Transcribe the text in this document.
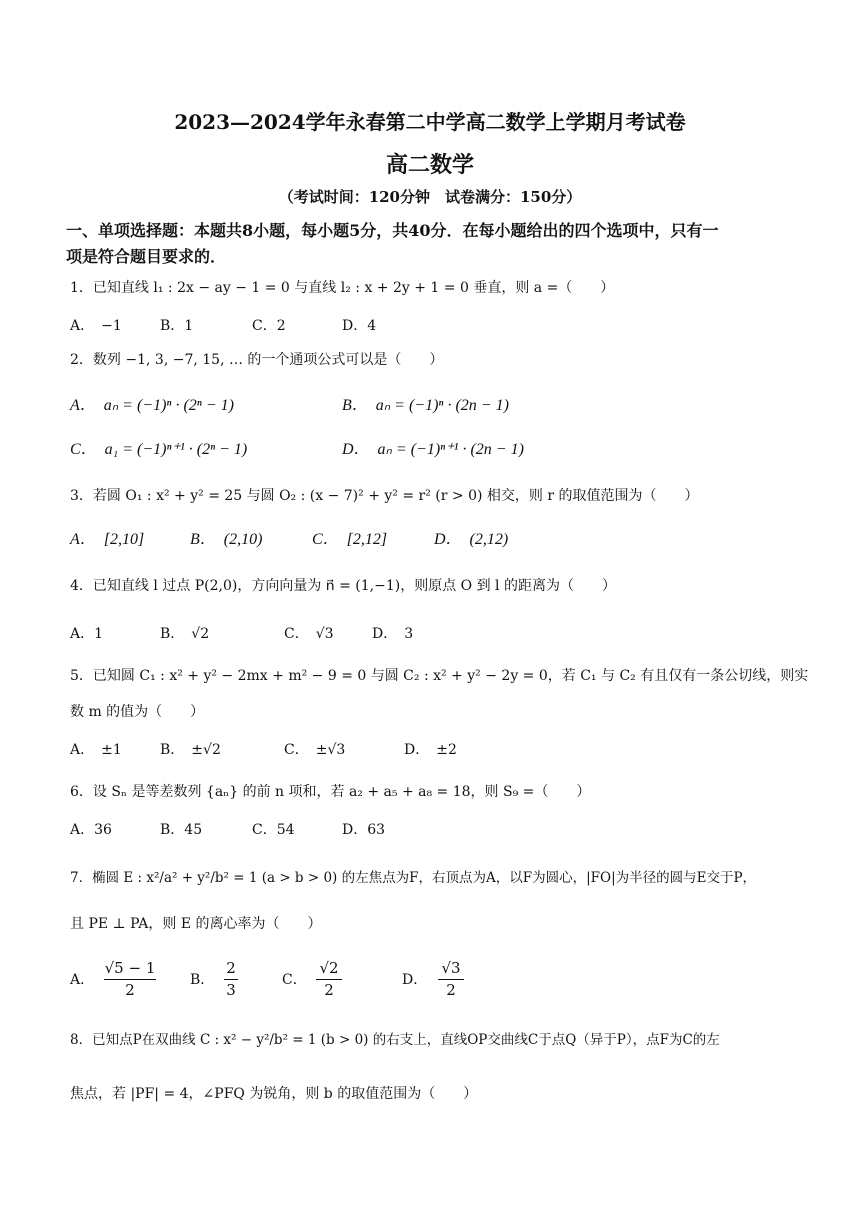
2023—2024学年永春第二中学高二数学上学期月考试卷
高二数学
（考试时间：120分钟　试卷满分：150分）
一、单项选择题：本题共8小题，每小题5分，共40分．在每小题给出的四个选项中，只有一
项是符合题目要求的．
1．已知直线 l₁ : 2x − ay − 1 = 0 与直线 l₂ : x + 2y + 1 = 0 垂直，则 a =（　　）
A．　−1	B．1	C．2	D．4
2．数列 −1, 3, −7, 15, … 的一个通项公式可以是（　　）
A．　aₙ = (−1)ⁿ · (2ⁿ − 1)	B．　aₙ = (−1)ⁿ · (2n − 1)
C．　a₁ = (−1)ⁿ⁺¹ · (2ⁿ − 1)	D．　aₙ = (−1)ⁿ⁺¹ · (2n − 1)
3．若圆 O₁ : x² + y² = 25 与圆 O₂ : (x − 7)² + y² = r² (r > 0) 相交，则 r 的取值范围为（　　）
A．　[2,10]	B．　(2,10)	C．　[2,12]	D．　(2,12)
4．已知直线 l 过点 P(2,0)，方向向量为 n⃗ = (1,−1)，则原点 O 到 l 的距离为（　　）
A．1	B．　√2	C．　√3	D．　3
5．已知圆 C₁ : x² + y² − 2mx + m² − 9 = 0 与圆 C₂ : x² + y² − 2y = 0，若 C₁ 与 C₂ 有且仅有一条公切线，则实
数 m 的值为（　　）
A．　±1	B．　±√2	C．　±√3	D．　±2
6．设 Sₙ 是等差数列 {aₙ} 的前 n 项和，若 a₂ + a₅ + a₈ = 18，则 S₉ =（　　）
A．36	B．45	C．54	D．63
7．椭圆 E : x²/a² + y²/b² = 1 (a > b > 0) 的左焦点为F，右顶点为A，以F为圆心，|FO|为半径的圆与E交于P，
且 PE ⊥ PA，则 E 的离心率为（　　）
A． $\frac{√5 - 1}{2}$ B． $\frac{2}{3}$	C． $\frac{√2}{2}$	D． $\frac{√3}{2}$
8．已知点P在双曲线 C : x² − y²/b² = 1 (b > 0) 的右支上，直线OP交曲线C于点Q（异于P），点F为C的左
焦点，若 |PF| = 4，∠PFQ 为锐角，则 b 的取值范围为（　　）
